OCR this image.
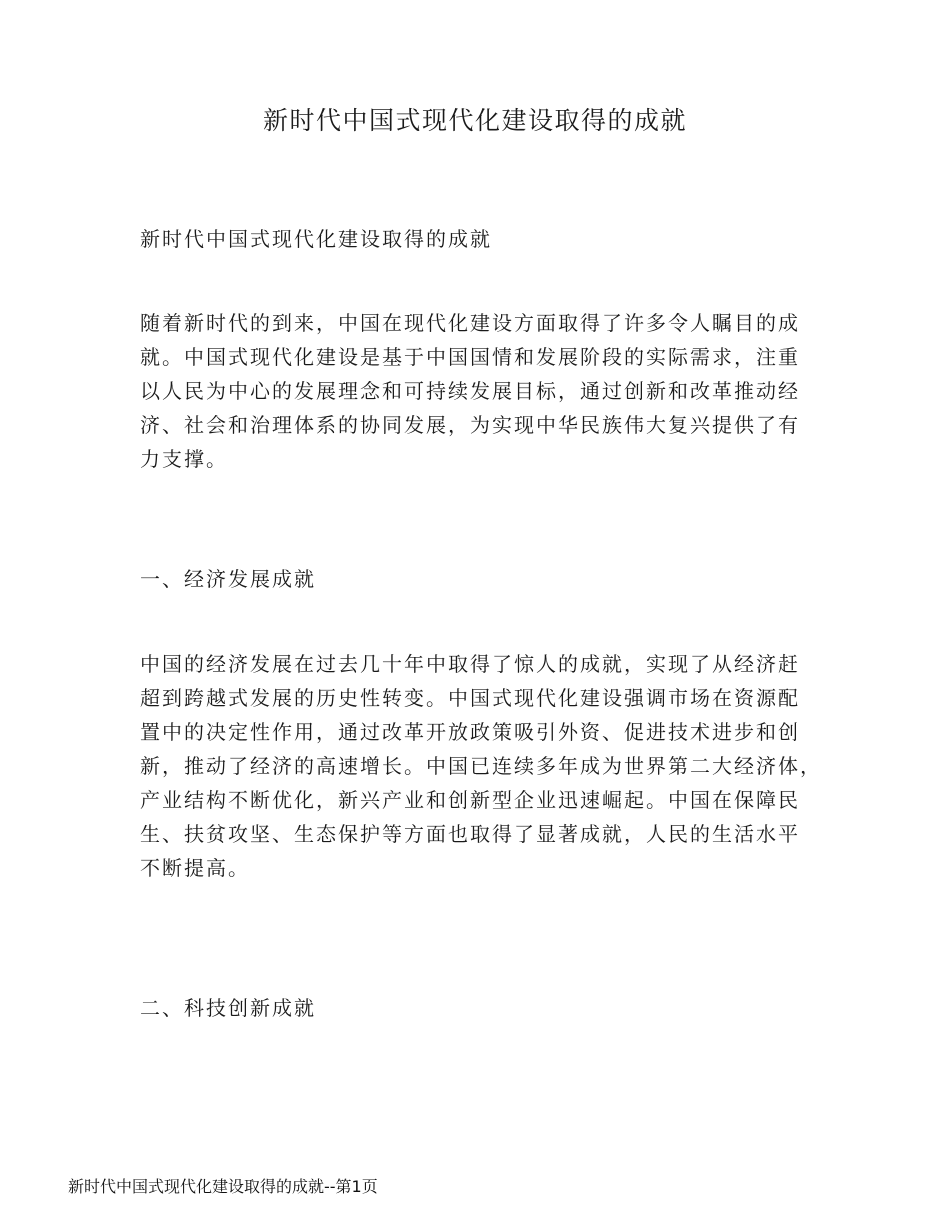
新时代中国式现代化建设取得的成就
新时代中国式现代化建设取得的成就
随着新时代的到来，中国在现代化建设方面取得了许多令人瞩目的成
就。中国式现代化建设是基于中国国情和发展阶段的实际需求，注重
以人民为中心的发展理念和可持续发展目标，通过创新和改革推动经
济、社会和治理体系的协同发展，为实现中华民族伟大复兴提供了有
力支撑。
一、经济发展成就
中国的经济发展在过去几十年中取得了惊人的成就，实现了从经济赶
超到跨越式发展的历史性转变。中国式现代化建设强调市场在资源配
置中的决定性作用，通过改革开放政策吸引外资、促进技术进步和创
新，推动了经济的高速增长。中国已连续多年成为世界第二大经济体，
产业结构不断优化，新兴产业和创新型企业迅速崛起。中国在保障民
生、扶贫攻坚、生态保护等方面也取得了显著成就，人民的生活水平
不断提高。
二、科技创新成就
新时代中国式现代化建设取得的成就--第1页
